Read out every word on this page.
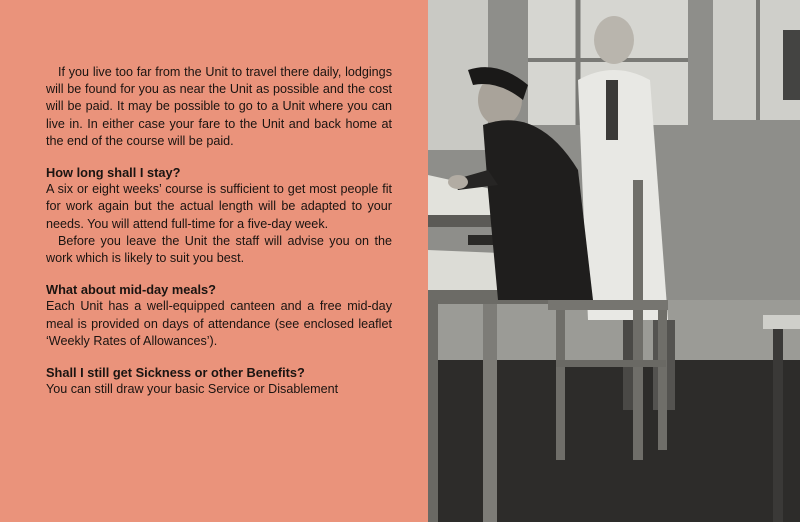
If you live too far from the Unit to travel there daily, lodgings will be found for you as near the Unit as possible and the cost will be paid. It may be possible to go to a Unit where you can live in. In either case your fare to the Unit and back home at the end of the course will be paid.

How long shall I stay?

A six or eight weeks’ course is sufficient to get most people fit for work again but the actual length will be adapted to your needs. You will attend full-time for a five-day week.

Before you leave the Unit the staff will advise you on the work which is likely to suit you best.

What about mid-day meals?

Each Unit has a well-equipped canteen and a free mid-day meal is provided on days of attendance (see enclosed leaflet ‘Weekly Rates of Allowances’).

Shall I still get Sickness or other Benefits?

You can still draw your basic Service or Disablement
